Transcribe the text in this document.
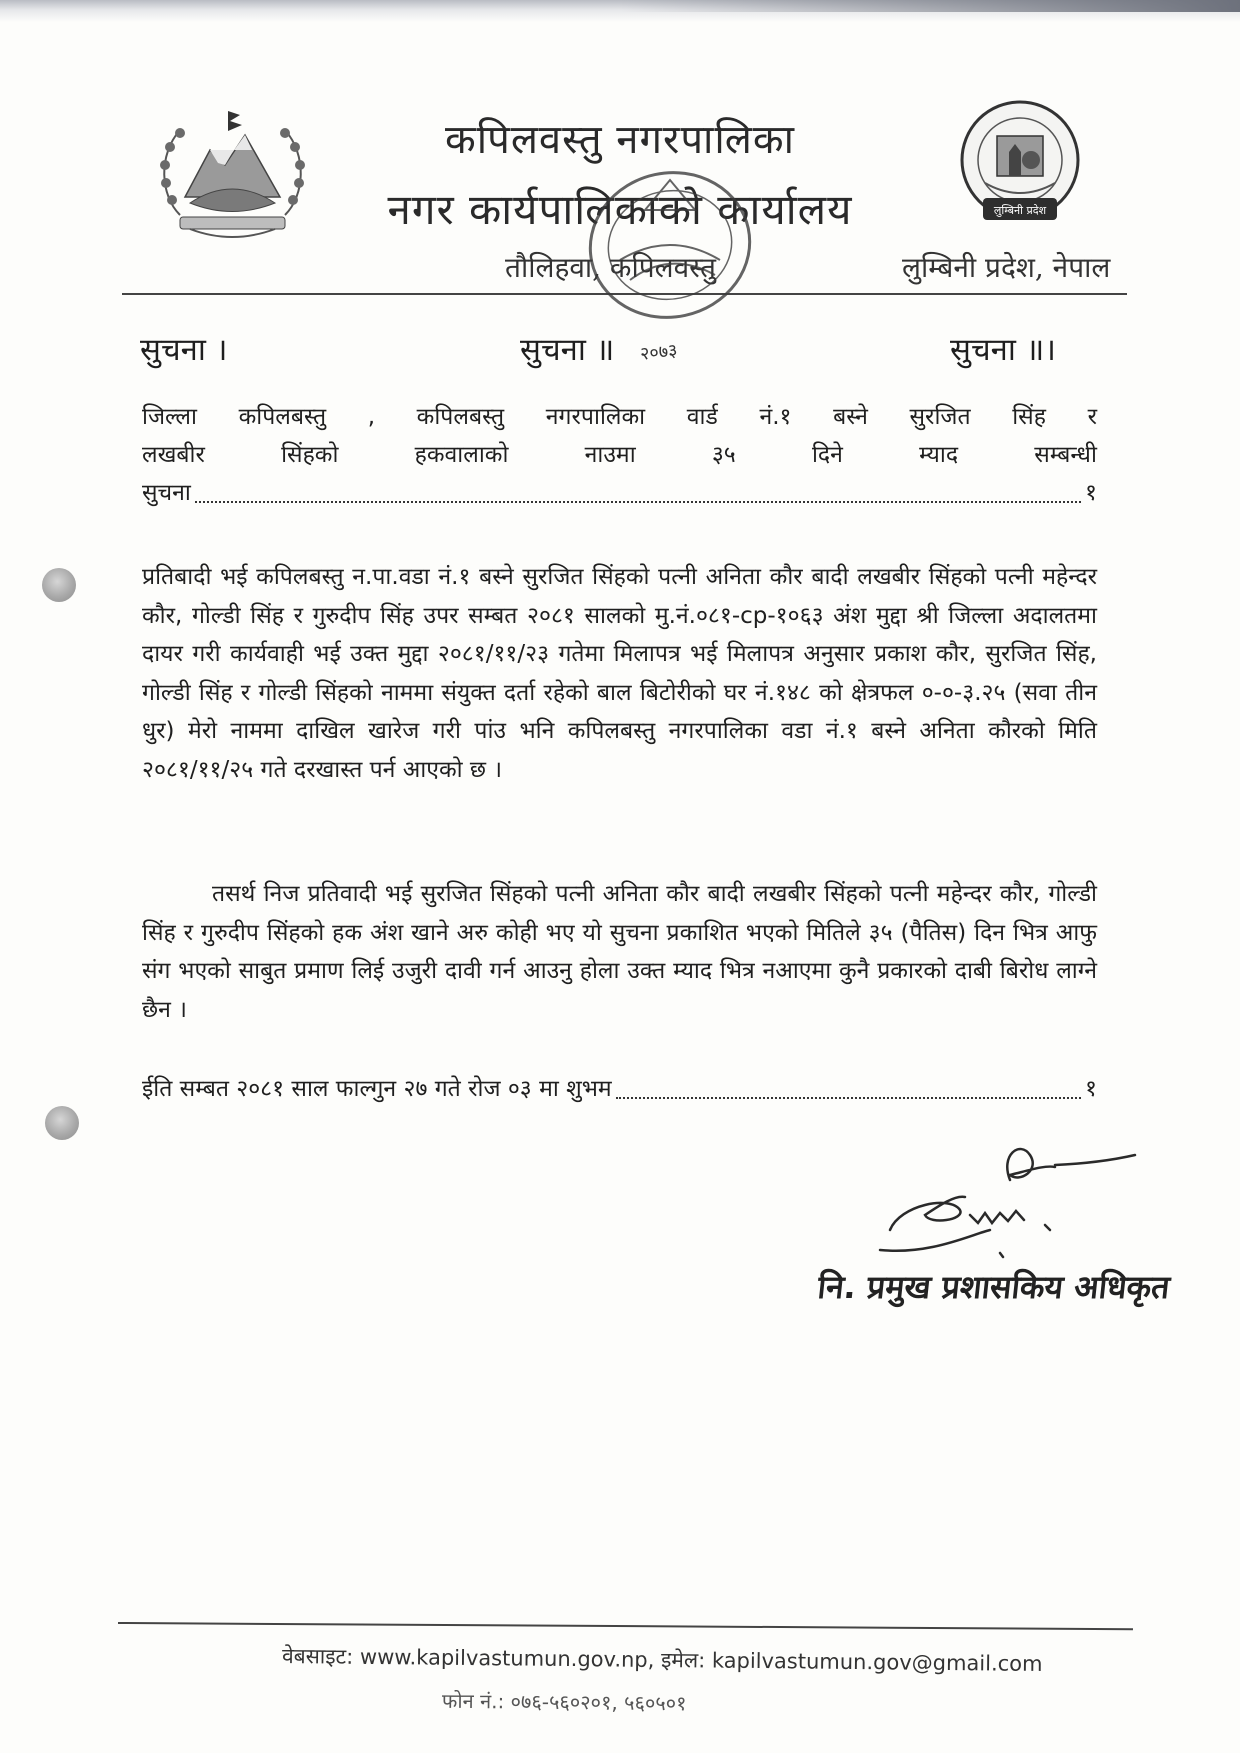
लुम्बिनी प्रदेश
कपिलवस्तु नगरपालिका
नगर कार्यपालिकाको कार्यालय
तौलिहवा, कपिलवस्तु	लुम्बिनी प्रदेश, नेपाल
सुचना ।	सुचना ॥	सुचना ॥।
२०७३
जिल्ला कपिलबस्तु , कपिलबस्तु नगरपालिका वार्ड नं.१ बस्ने सुरजित सिंह र
लखबीर	सिंहको	हकवालाको	नाउमा	३५	दिने	म्याद	सम्बन्धी
सुचना	१
प्रतिबादी भई कपिलबस्तु न.पा.वडा नं.१ बस्ने सुरजित सिंहको पत्नी अनिता कौर बादी लखबीर सिंहको पत्नी महेन्दर कौर, गोल्डी सिंह र गुरुदीप सिंह उपर सम्बत २०८१ सालको मु.नं.०८१-cp-१०६३ अंश मुद्दा श्री जिल्ला अदालतमा दायर गरी कार्यवाही भई उक्त मुद्दा २०८१/११/२३ गतेमा मिलापत्र भई मिलापत्र अनुसार प्रकाश कौर, सुरजित सिंह, गोल्डी सिंह र गोल्डी सिंहको नाममा संयुक्त दर्ता रहेको बाल बिटोरीको घर नं.१४८ को क्षेत्रफल ०-०-३.२५ (सवा तीन धुर) मेरो नाममा दाखिल खारेज गरी पांउ भनि कपिलबस्तु नगरपालिका वडा नं.१ बस्ने अनिता कौरको मिति २०८१/११/२५ गते दरखास्त पर्न आएको छ ।
तसर्थ निज प्रतिवादी भई सुरजित सिंहको पत्नी अनिता कौर बादी लखबीर सिंहको पत्नी महेन्दर कौर, गोल्डी सिंह र गुरुदीप सिंहको हक अंश खाने अरु कोही भए यो सुचना प्रकाशित भएको मितिले ३५ (पैतिस) दिन भित्र आफु संग भएको साबुत प्रमाण लिई उजुरी दावी गर्न आउनु होला उक्त म्याद भित्र नआएमा कुनै प्रकारको दाबी बिरोध लाग्ने छैन ।
ईति सम्बत २०८१ साल फाल्गुन २७ गते रोज ०३ मा शुभम	१
नि. प्रमुख प्रशासकिय अधिकृत
वेबसाइट: www.kapilvastumun.gov.np, इमेल: kapilvastumun.gov@gmail.com
फोन नं.: ०७६-५६०२०१, ५६०५०१
